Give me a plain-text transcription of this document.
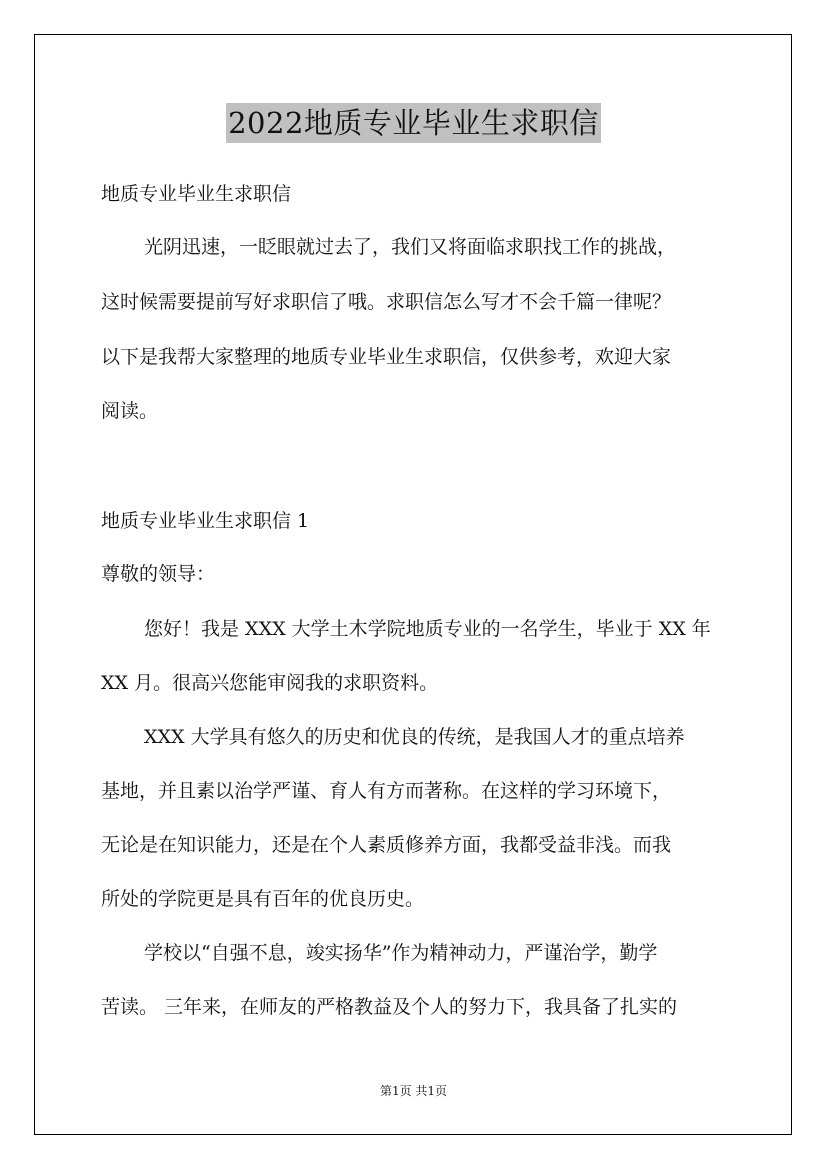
2022地质专业毕业生求职信
地质专业毕业生求职信
光阴迅速，一眨眼就过去了，我们又将面临求职找工作的挑战，
这时候需要提前写好求职信了哦。求职信怎么写才不会千篇一律呢？
以下是我帮大家整理的地质专业毕业生求职信，仅供参考，欢迎大家
阅读。
地质专业毕业生求职信 1
尊敬的领导：
您好！我是 XXX 大学土木学院地质专业的一名学生，毕业于 XX 年
XX 月。很高兴您能审阅我的求职资料。
XXX 大学具有悠久的历史和优良的传统，是我国人才的重点培养
基地，并且素以治学严谨、育人有方而著称。在这样的学习环境下，
无论是在知识能力，还是在个人素质修养方面，我都受益非浅。而我
所处的学院更是具有百年的优良历史。
学校以“自强不息，竣实扬华”作为精神动力，严谨治学，勤学
苦读。 三年来，在师友的严格教益及个人的努力下，我具备了扎实的
第1页 共1页
